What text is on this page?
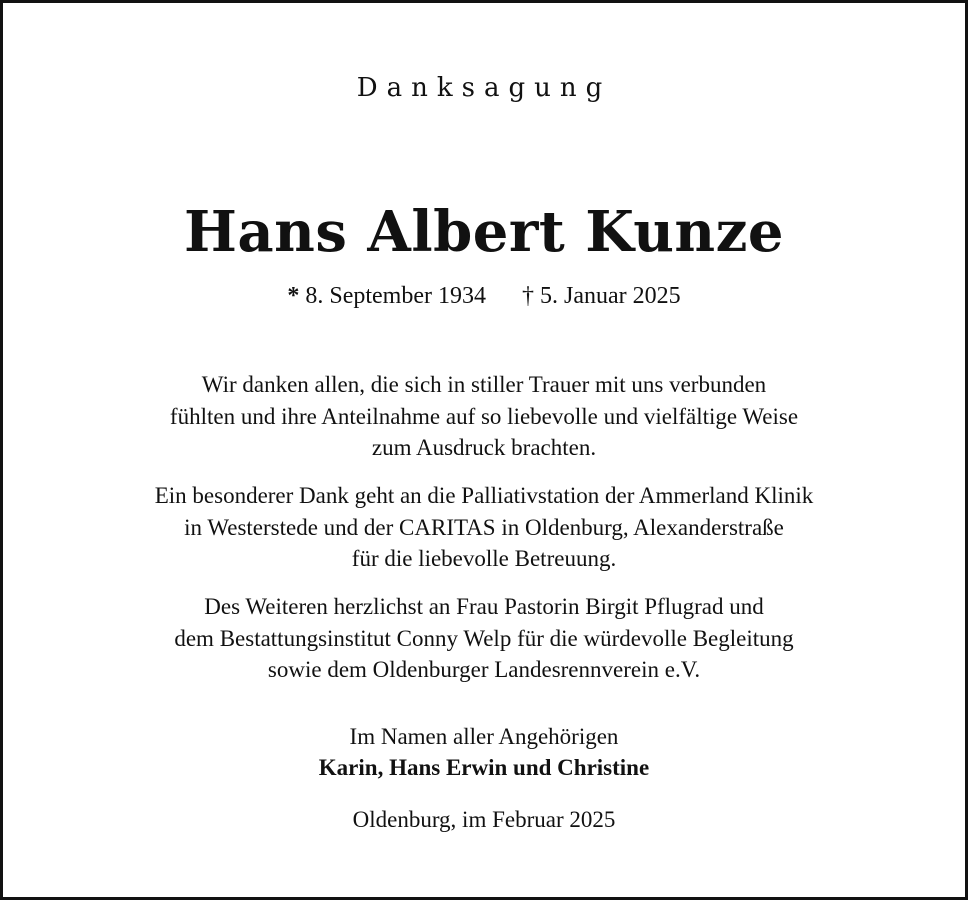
Danksagung
Hans Albert Kunze
* 8. September 1934 † 5. Januar 2025
Wir danken allen, die sich in stiller Trauer mit uns verbunden
fühlten und ihre Anteilnahme auf so liebevolle und vielfältige Weise
zum Ausdruck brachten.
Ein besonderer Dank geht an die Palliativstation der Ammerland Klinik
in Westerstede und der CARITAS in Oldenburg, Alexanderstraße
für die liebevolle Betreuung.
Des Weiteren herzlichst an Frau Pastorin Birgit Pflugrad und
dem Bestattungsinstitut Conny Welp für die würdevolle Begleitung
sowie dem Oldenburger Landesrennverein e.V.
Im Namen aller Angehörigen
Karin, Hans Erwin und Christine
Oldenburg, im Februar 2025
